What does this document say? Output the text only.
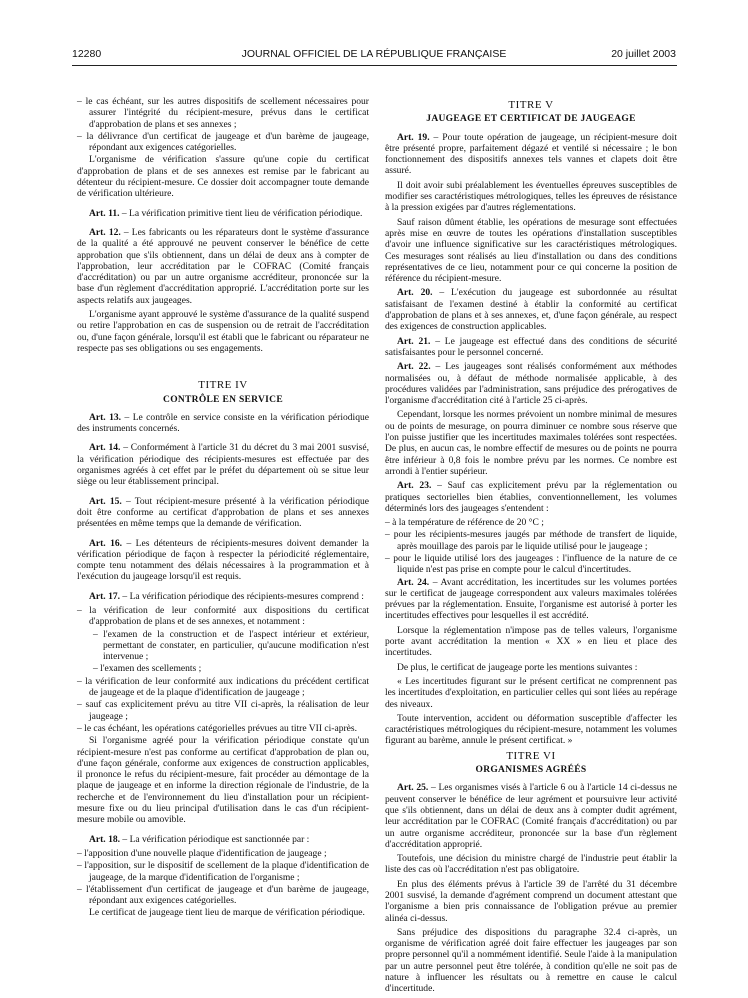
12280	JOURNAL OFFICIEL DE LA RÉPUBLIQUE FRANÇAISE	20 juillet 2003

– le cas échéant, sur les autres dispositifs de scellement nécessaires pour assurer l'intégrité du récipient-mesure, prévus dans le certificat d'approbation de plans et ses annexes ;

– la délivrance d'un certificat de jaugeage et d'un barème de jaugeage, répondant aux exigences catégorielles.

L'organisme de vérification s'assure qu'une copie du certificat d'approbation de plans et de ses annexes est remise par le fabricant au détenteur du récipient-mesure. Ce dossier doit accompagner toute demande de vérification ultérieure.

Art. 11. – La vérification primitive tient lieu de vérification périodique.

Art. 12. – Les fabricants ou les réparateurs dont le système d'assurance de la qualité a été approuvé ne peuvent conserver le bénéfice de cette approbation que s'ils obtiennent, dans un délai de deux ans à compter de l'approbation, leur accréditation par le COFRAC (Comité français d'accréditation) ou par un autre organisme accréditeur, prononcée sur la base d'un règlement d'accréditation approprié. L'accréditation porte sur les aspects relatifs aux jaugeages.

L'organisme ayant approuvé le système d'assurance de la qualité suspend ou retire l'approbation en cas de suspension ou de retrait de l'accréditation ou, d'une façon générale, lorsqu'il est établi que le fabricant ou réparateur ne respecte pas ses obligations ou ses engagements.

TITRE IV

CONTRÔLE EN SERVICE

Art. 13. – Le contrôle en service consiste en la vérification périodique des instruments concernés.

Art. 14. – Conformément à l'article 31 du décret du 3 mai 2001 susvisé, la vérification périodique des récipients-mesures est effectuée par des organismes agréés à cet effet par le préfet du département où se situe leur siège ou leur établissement principal.

Art. 15. – Tout récipient-mesure présenté à la vérification périodique doit être conforme au certificat d'approbation de plans et ses annexes présentées en même temps que la demande de vérification.

Art. 16. – Les détenteurs de récipients-mesures doivent demander la vérification périodique de façon à respecter la périodicité réglementaire, compte tenu notamment des délais nécessaires à la programmation et à l'exécution du jaugeage lorsqu'il est requis.

Art. 17. – La vérification périodique des récipients-mesures comprend :

– la vérification de leur conformité aux dispositions du certificat d'approbation de plans et de ses annexes, et notamment :

– l'examen de la construction et de l'aspect intérieur et extérieur, permettant de constater, en particulier, qu'aucune modification n'est intervenue ;

– l'examen des scellements ;

– la vérification de leur conformité aux indications du précédent certificat de jaugeage et de la plaque d'identification de jaugeage ;

– sauf cas explicitement prévu au titre VII ci-après, la réalisation de leur jaugeage ;

– le cas échéant, les opérations catégorielles prévues au titre VII ci-après.

Si l'organisme agréé pour la vérification périodique constate qu'un récipient-mesure n'est pas conforme au certificat d'approbation de plan ou, d'une façon générale, conforme aux exigences de construction applicables, il prononce le refus du récipient-mesure, fait procéder au démontage de la plaque de jaugeage et en informe la direction régionale de l'industrie, de la recherche et de l'environnement du lieu d'installation pour un récipient-mesure fixe ou du lieu principal d'utilisation dans le cas d'un récipient-mesure mobile ou amovible.

Art. 18. – La vérification périodique est sanctionnée par :

– l'apposition d'une nouvelle plaque d'identification de jaugeage ;

– l'apposition, sur le dispositif de scellement de la plaque d'identification de jaugeage, de la marque d'identification de l'organisme ;

– l'établissement d'un certificat de jaugeage et d'un barème de jaugeage, répondant aux exigences catégorielles.

Le certificat de jaugeage tient lieu de marque de vérification périodique.

TITRE V

JAUGEAGE ET CERTIFICAT DE JAUGEAGE

Art. 19. – Pour toute opération de jaugeage, un récipient-mesure doit être présenté propre, parfaitement dégazé et ventilé si nécessaire ; le bon fonctionnement des dispositifs annexes tels vannes et clapets doit être assuré.

Il doit avoir subi préalablement les éventuelles épreuves susceptibles de modifier ses caractéristiques métrologiques, telles les épreuves de résistance à la pression exigées par d'autres réglementations.

Sauf raison dûment établie, les opérations de mesurage sont effectuées après mise en œuvre de toutes les opérations d'installation susceptibles d'avoir une influence significative sur les caractéristiques métrologiques. Ces mesurages sont réalisés au lieu d'installation ou dans des conditions représentatives de ce lieu, notamment pour ce qui concerne la position de référence du récipient-mesure.

Art. 20. – L'exécution du jaugeage est subordonnée au résultat satisfaisant de l'examen destiné à établir la conformité au certificat d'approbation de plans et à ses annexes, et, d'une façon générale, au respect des exigences de construction applicables.

Art. 21. – Le jaugeage est effectué dans des conditions de sécurité satisfaisantes pour le personnel concerné.

Art. 22. – Les jaugeages sont réalisés conformément aux méthodes normalisées ou, à défaut de méthode normalisée applicable, à des procédures validées par l'administration, sans préjudice des prérogatives de l'organisme d'accréditation cité à l'article 25 ci-après.

Cependant, lorsque les normes prévoient un nombre minimal de mesures ou de points de mesurage, on pourra diminuer ce nombre sous réserve que l'on puisse justifier que les incertitudes maximales tolérées sont respectées. De plus, en aucun cas, le nombre effectif de mesures ou de points ne pourra être inférieur à 0,8 fois le nombre prévu par les normes. Ce nombre est arrondi à l'entier supérieur.

Art. 23. – Sauf cas explicitement prévu par la réglementation ou pratiques sectorielles bien établies, conventionnellement, les volumes déterminés lors des jaugeages s'entendent :

– à la température de référence de 20 °C ;

– pour les récipients-mesures jaugés par méthode de transfert de liquide, après mouillage des parois par le liquide utilisé pour le jaugeage ;

– pour le liquide utilisé lors des jaugeages : l'influence de la nature de ce liquide n'est pas prise en compte pour le calcul d'incertitudes.

Art. 24. – Avant accréditation, les incertitudes sur les volumes portées sur le certificat de jaugeage correspondent aux valeurs maximales tolérées prévues par la réglementation. Ensuite, l'organisme est autorisé à porter les incertitudes effectives pour lesquelles il est accrédité.

Lorsque la réglementation n'impose pas de telles valeurs, l'organisme porte avant accréditation la mention « XX » en lieu et place des incertitudes.

De plus, le certificat de jaugeage porte les mentions suivantes :

« Les incertitudes figurant sur le présent certificat ne comprennent pas les incertitudes d'exploitation, en particulier celles qui sont liées au repérage des niveaux.

Toute intervention, accident ou déformation susceptible d'affecter les caractéristiques métrologiques du récipient-mesure, notamment les volumes figurant au barème, annule le présent certificat. »

TITRE VI

ORGANISMES AGRÉÉS

Art. 25. – Les organismes visés à l'article 6 ou à l'article 14 ci-dessus ne peuvent conserver le bénéfice de leur agrément et poursuivre leur activité que s'ils obtiennent, dans un délai de deux ans à compter dudit agrément, leur accréditation par le COFRAC (Comité français d'accréditation) ou par un autre organisme accréditeur, prononcée sur la base d'un règlement d'accréditation approprié.

Toutefois, une décision du ministre chargé de l'industrie peut établir la liste des cas où l'accréditation n'est pas obligatoire.

En plus des éléments prévus à l'article 39 de l'arrêté du 31 décembre 2001 susvisé, la demande d'agrément comprend un document attestant que l'organisme a bien pris connaissance de l'obligation prévue au premier alinéa ci-dessus.

Sans préjudice des dispositions du paragraphe 32.4 ci-après, un organisme de vérification agréé doit faire effectuer les jaugeages par son propre personnel qu'il a nommément identifié. Seule l'aide à la manipulation par un autre personnel peut être tolérée, à condition qu'elle ne soit pas de nature à influencer les résultats ou à remettre en cause le calcul d'incertitude.
